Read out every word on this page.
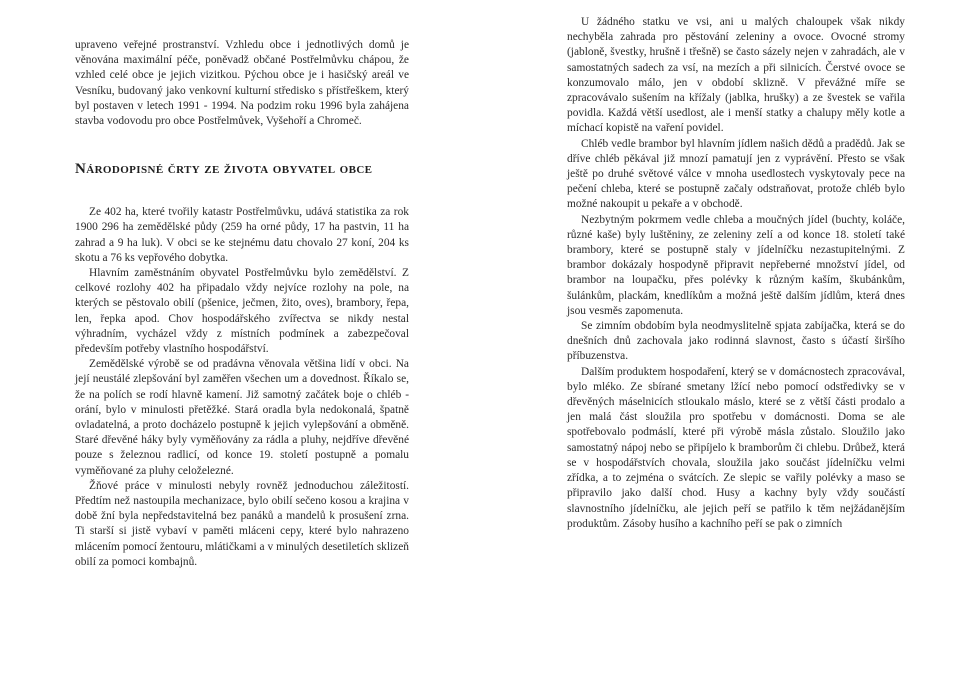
upraveno veřejné prostranství. Vzhledu obce i jednotlivých domů je věnována maximální péče, poněvadž občané Postřelmůvku chápou, že vzhled celé obce je jejich vizitkou. Pýchou obce je i hasičský areál ve Vesníku, budovaný jako venkovní kulturní středisko s přístřeškem, který byl postaven v letech 1991 - 1994. Na podzim roku 1996 byla zahájena stavba vodovodu pro obce Postřelmůvek, Vyšehoří a Chromeč.

Národopisné črty ze života obyvatel obce

Ze 402 ha, které tvořily katastr Postřelmůvku, udává statistika za rok 1900 296 ha zemědělské půdy (259 ha orné půdy, 17 ha pastvin, 11 ha zahrad a 9 ha luk). V obci se ke stejnému datu chovalo 27 koní, 204 ks skotu a 76 ks vepřového dobytka.

Hlavním zaměstnáním obyvatel Postřelmůvku bylo zemědělství. Z celkové rozlohy 402 ha připadalo vždy nejvíce rozlohy na pole, na kterých se pěstovalo obilí (pšenice, ječmen, žito, oves), brambory, řepa, len, řepka apod. Chov hospodářského zvířectva se nikdy nestal výhradním, vycházel vždy z místních podmínek a zabezpečoval především potřeby vlastního hospodářství.

Zemědělské výrobě se od pradávna věnovala většina lidí v obci. Na její neustálé zlepšování byl zaměřen všechen um a dovednost. Říkalo se, že na polích se rodí hlavně kamení. Již samotný začátek boje o chléb - orání, bylo v minulosti přetěžké. Stará oradla byla nedokonalá, špatně ovladatelná, a proto docházelo postupně k jejich vylepšování a obměně. Staré dřevěné háky byly vyměňovány za rádla a pluhy, nejdříve dřevěné pouze s železnou radlicí, od konce 19. století postupně a pomalu vyměňované za pluhy celoželezné.

Žňové práce v minulosti nebyly rovněž jednoduchou záležitostí. Předtím než nastoupila mechanizace, bylo obilí sečeno kosou a krajina v době žní byla nepředstavitelná bez panáků a mandelů k prosušení zrna. Ti starší si jistě vybaví v paměti mláceni cepy, které bylo nahrazeno mlácením pomocí žentouru, mlátičkami a v minulých desetiletích sklizeň obilí za pomoci kombajnů.

U žádného statku ve vsi, ani u malých chaloupek však nikdy nechyběla zahrada pro pěstování zeleniny a ovoce. Ovocné stromy (jabloně, švestky, hrušně i třešně) se často sázely nejen v zahradách, ale v samostatných sadech za vsí, na mezích a při silnicích. Čerstvé ovoce se konzumovalo málo, jen v období sklizně. V převážné míře se zpracovávalo sušením na křížaly (jablka, hrušky) a ze švestek se vařila povidla. Každá větší usedlost, ale i menší statky a chalupy měly kotle a míchací kopistě na vaření povidel.

Chléb vedle brambor byl hlavním jídlem našich dědů a pradědů. Jak se dříve chléb pěkával již mnozí pamatují jen z vyprávění. Přesto se však ještě po druhé světové válce v mnoha usedlostech vyskytovaly pece na pečení chleba, které se postupně začaly odstraňovat, protože chléb bylo možné nakoupit u pekaře a v obchodě.

Nezbytným pokrmem vedle chleba a moučných jídel (buchty, koláče, různé kaše) byly luštěniny, ze zeleniny zelí a od konce 18. století také brambory, které se postupně staly v jídelníčku nezastupitelnými. Z brambor dokázaly hospodyně připravit nepřeberné množství jídel, od brambor na loupačku, přes polévky k různým kaším, škubánkům, šulánkům, plackám, knedlíkům a možná ještě dalším jídlům, která dnes jsou vesměs zapomenuta.

Se zimním obdobím byla neodmyslitelně spjata zabíjačka, která se do dnešních dnů zachovala jako rodinná slavnost, často s účastí širšího příbuzenstva.

Dalším produktem hospodaření, který se v domácnostech zpracovával, bylo mléko. Ze sbírané smetany lžící nebo pomocí odstředivky se v dřevěných máselnicích stloukalo máslo, které se z větší části prodalo a jen malá část sloužila pro spotřebu v domácnosti. Doma se ale spotřebovalo podmáslí, které při výrobě másla zůstalo. Sloužilo jako samostatný nápoj nebo se připíjelo k bramborům či chlebu. Drůbež, která se v hospodářstvích chovala, sloužila jako součást jídelníčku velmi zřídka, a to zejména o svátcích. Ze slepic se vařily polévky a maso se připravilo jako další chod. Husy a kachny byly vždy součástí slavnostního jídelníčku, ale jejich peří se patřilo k těm nejžádanějším produktům. Zásoby husího a kachního peří se pak o zimních
